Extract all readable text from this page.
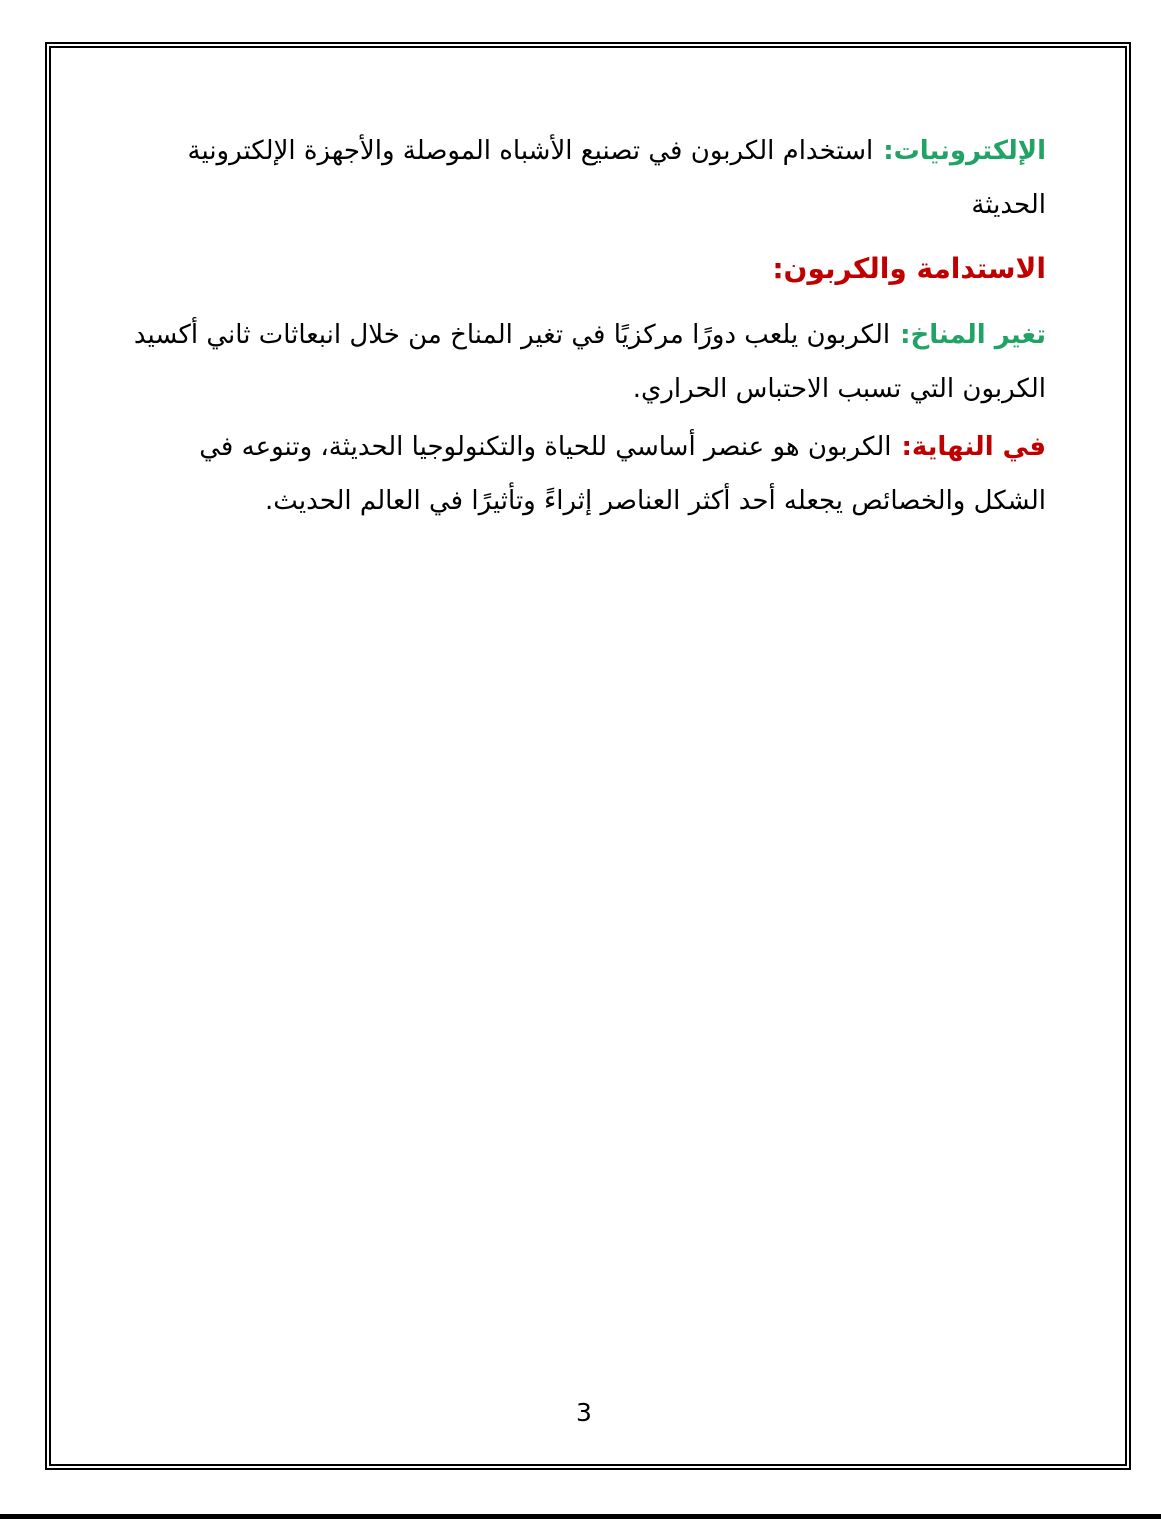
الإلكترونيات:استخدام الكربون في تصنيع الأشباه الموصلة والأجهزة الإلكترونية الحديثة

الاستدامة والكربون:

تغير المناخ:الكربون يلعب دورًا مركزيًا في تغير المناخ من خلال انبعاثات ثاني أكسيد الكربون التي تسبب الاحتباس الحراري.

في النهاية:الكربون هو عنصر أساسي للحياة والتكنولوجيا الحديثة، وتنوعه في الشكل والخصائص يجعله أحد أكثر العناصر إثراءً وتأثيرًا في العالم الحديث.

3
